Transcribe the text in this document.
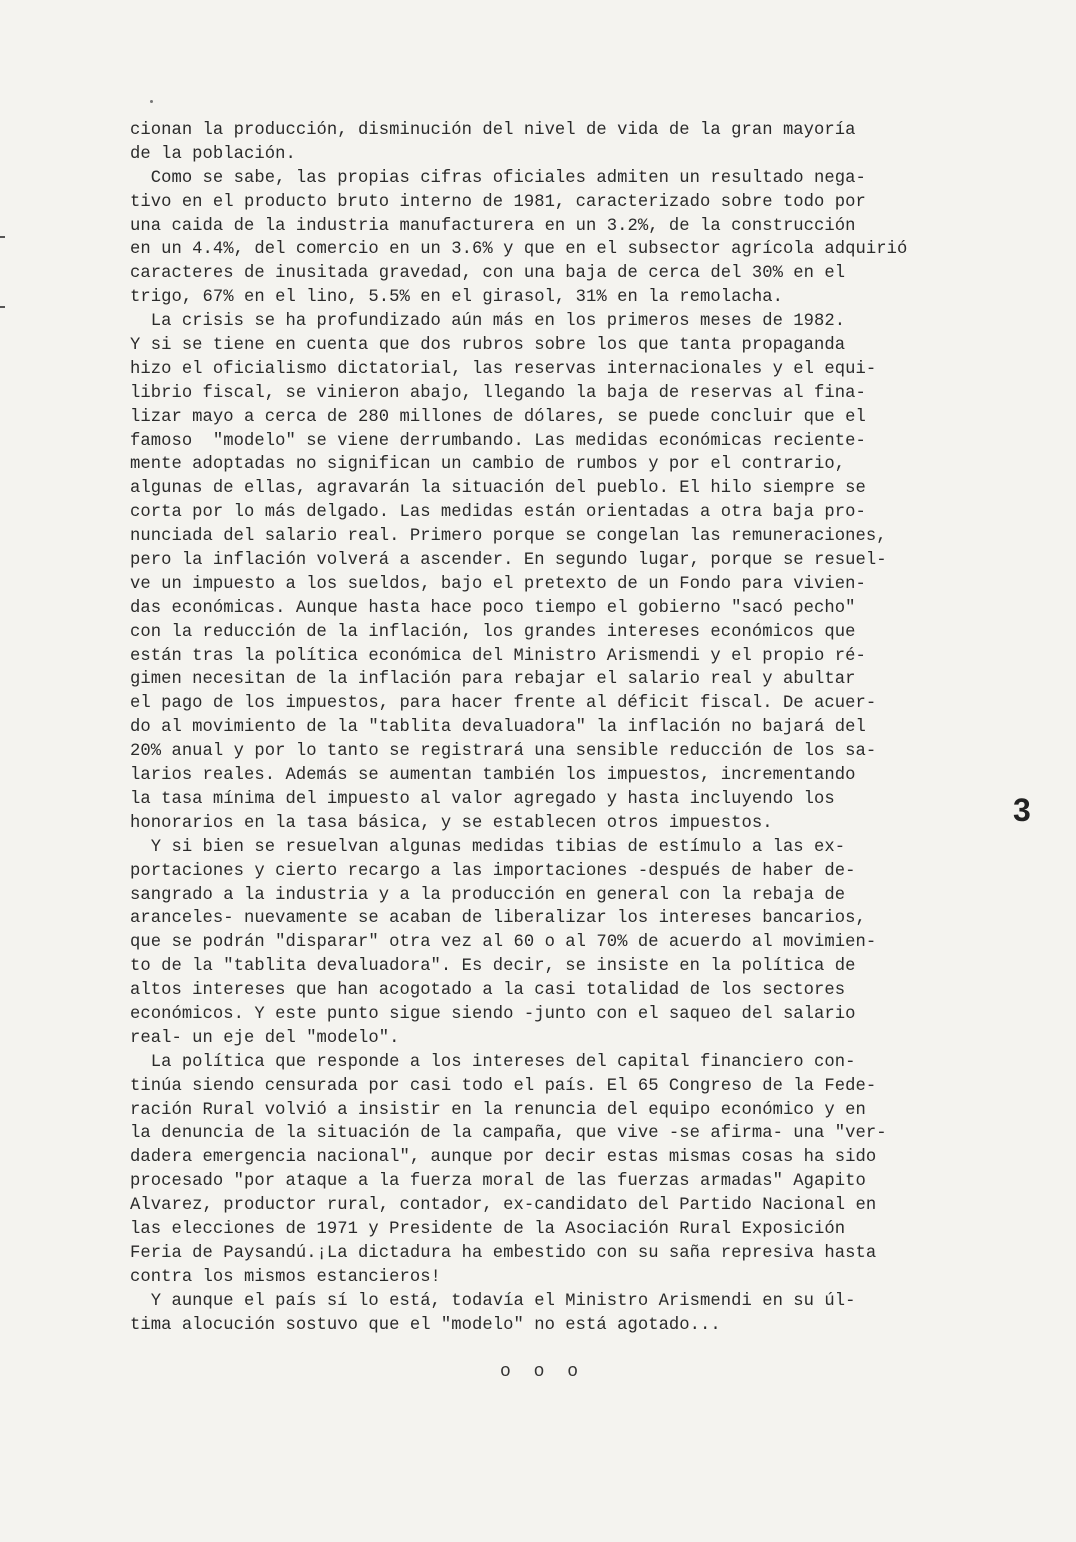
cionan la producción, disminución del nivel de vida de la gran mayoría
de la población.
Como se sabe, las propias cifras oficiales admiten un resultado nega-
tivo en el producto bruto interno de 1981, caracterizado sobre todo por
una caida de la industria manufacturera en un 3.2%, de la construcción
en un 4.4%, del comercio en un 3.6% y que en el subsector agrícola adquirió
caracteres de inusitada gravedad, con una baja de cerca del 30% en el
trigo, 67% en el lino, 5.5% en el girasol, 31% en la remolacha.
La crisis se ha profundizado aún más en los primeros meses de 1982.
Y si se tiene en cuenta que dos rubros sobre los que tanta propaganda
hizo el oficialismo dictatorial, las reservas internacionales y el equi-
librio fiscal, se vinieron abajo, llegando la baja de reservas al fina-
lizar mayo a cerca de 280 millones de dólares, se puede concluir que el
famoso  "modelo" se viene derrumbando. Las medidas económicas reciente-
mente adoptadas no significan un cambio de rumbos y por el contrario,
algunas de ellas, agravarán la situación del pueblo. El hilo siempre se
corta por lo más delgado. Las medidas están orientadas a otra baja pro-
nunciada del salario real. Primero porque se congelan las remuneraciones,
pero la inflación volverá a ascender. En segundo lugar, porque se resuel-
ve un impuesto a los sueldos, bajo el pretexto de un Fondo para vivien-
das económicas. Aunque hasta hace poco tiempo el gobierno "sacó pecho"
con la reducción de la inflación, los grandes intereses económicos que
están tras la política económica del Ministro Arismendi y el propio ré-
gimen necesitan de la inflación para rebajar el salario real y abultar
el pago de los impuestos, para hacer frente al déficit fiscal. De acuer-
do al movimiento de la "tablita devaluadora" la inflación no bajará del
20% anual y por lo tanto se registrará una sensible reducción de los sa-
larios reales. Además se aumentan también los impuestos, incrementando
la tasa mínima del impuesto al valor agregado y hasta incluyendo los
honorarios en la tasa básica, y se establecen otros impuestos.
Y si bien se resuelvan algunas medidas tibias de estímulo a las ex-
portaciones y cierto recargo a las importaciones -después de haber de-
sangrado a la industria y a la producción en general con la rebaja de
aranceles- nuevamente se acaban de liberalizar los intereses bancarios,
que se podrán "disparar" otra vez al 60 o al 70% de acuerdo al movimien-
to de la "tablita devaluadora". Es decir, se insiste en la política de
altos intereses que han acogotado a la casi totalidad de los sectores
económicos. Y este punto sigue siendo -junto con el saqueo del salario
real- un eje del "modelo".
La política que responde a los intereses del capital financiero con-
tinúa siendo censurada por casi todo el país. El 65 Congreso de la Fede-
ración Rural volvió a insistir en la renuncia del equipo económico y en
la denuncia de la situación de la campaña, que vive -se afirma- una "ver-
dadera emergencia nacional", aunque por decir estas mismas cosas ha sido
procesado "por ataque a la fuerza moral de las fuerzas armadas" Agapito
Alvarez, productor rural, contador, ex-candidato del Partido Nacional en
las elecciones de 1971 y Presidente de la Asociación Rural Exposición
Feria de Paysandú.¡La dictadura ha embestido con su saña represiva hasta
contra los mismos estancieros!
Y aunque el país sí lo está, todavía el Ministro Arismendi en su úl-
tima alocución sostuvo que el "modelo" no está agotado...
3
o o o
